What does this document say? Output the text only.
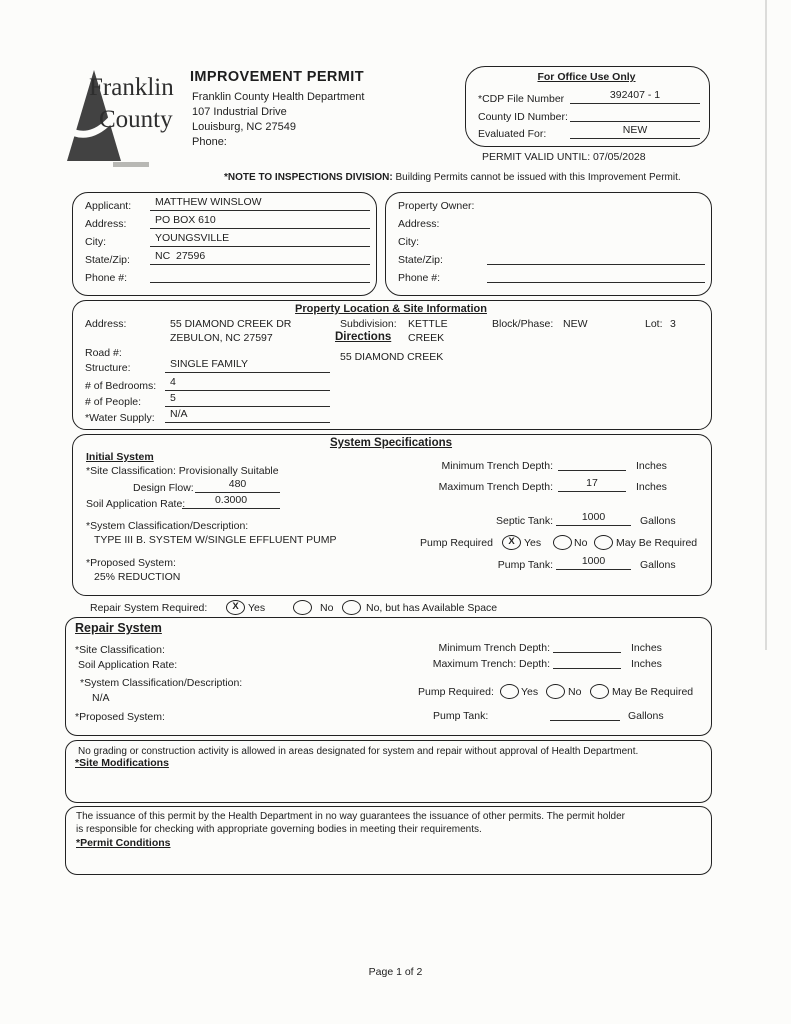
Franklin
County
IMPROVEMENT PERMIT
Franklin County Health Department
107 Industrial Drive
Louisburg, NC 27549
Phone:
For Office Use Only
*CDP File Number	392407 - 1
County ID Number:
Evaluated For:	NEW
PERMIT VALID UNTIL: 07/05/2028
*NOTE TO INSPECTIONS DIVISION: Building Permits cannot be issued with this Improvement Permit.
Applicant:	MATTHEW WINSLOW
Address:	PO BOX 610
City:	YOUNGSVILLE
State/Zip:	NC  27596
Phone #:
Property Owner:
Address:
City:
State/Zip:
Phone #:
Property Location & Site Information
Address:	55 DIAMOND CREEK DR
ZEBULON, NC 27597
Road #:
Structure:	SINGLE FAMILY
# of Bedrooms:	4
# of People:	5
*Water Supply:	N/A
Subdivision: KETTLE
CREEK
Directions
Block/Phase: NEW	Lot: 3
55 DIAMOND CREEK
System Specifications
Initial System
*Site Classification: Provisionally Suitable
Design Flow:	480
Soil Application Rate:	0.3000
*System Classification/Description:
TYPE III B. SYSTEM W/SINGLE EFFLUENT PUMP
*Proposed System:
25% REDUCTION
Minimum Trench Depth:	Inches
Maximum Trench Depth:	17	Inches
Septic Tank:	1000	Gallons
Pump Required X	Yes	No	May Be Required
Pump Tank:	1000	Gallons
Repair System Required: X	Yes	No	No, but has Available Space
Repair System
*Site Classification:
Soil Application Rate:
*System Classification/Description:
N/A
*Proposed System:
Minimum Trench Depth:	Inches
Maximum Trench: Depth:	Inches
Pump Required:	Yes	No	May Be Required
Pump Tank:	Gallons
No grading or construction activity is allowed in areas designated for system and repair without approval of Health Department.
*Site Modifications
The issuance of this permit by the Health Department in no way guarantees the issuance of other permits. The permit holder
is responsible for checking with appropriate governing bodies in meeting their requirements.
*Permit Conditions
Page 1 of 2
